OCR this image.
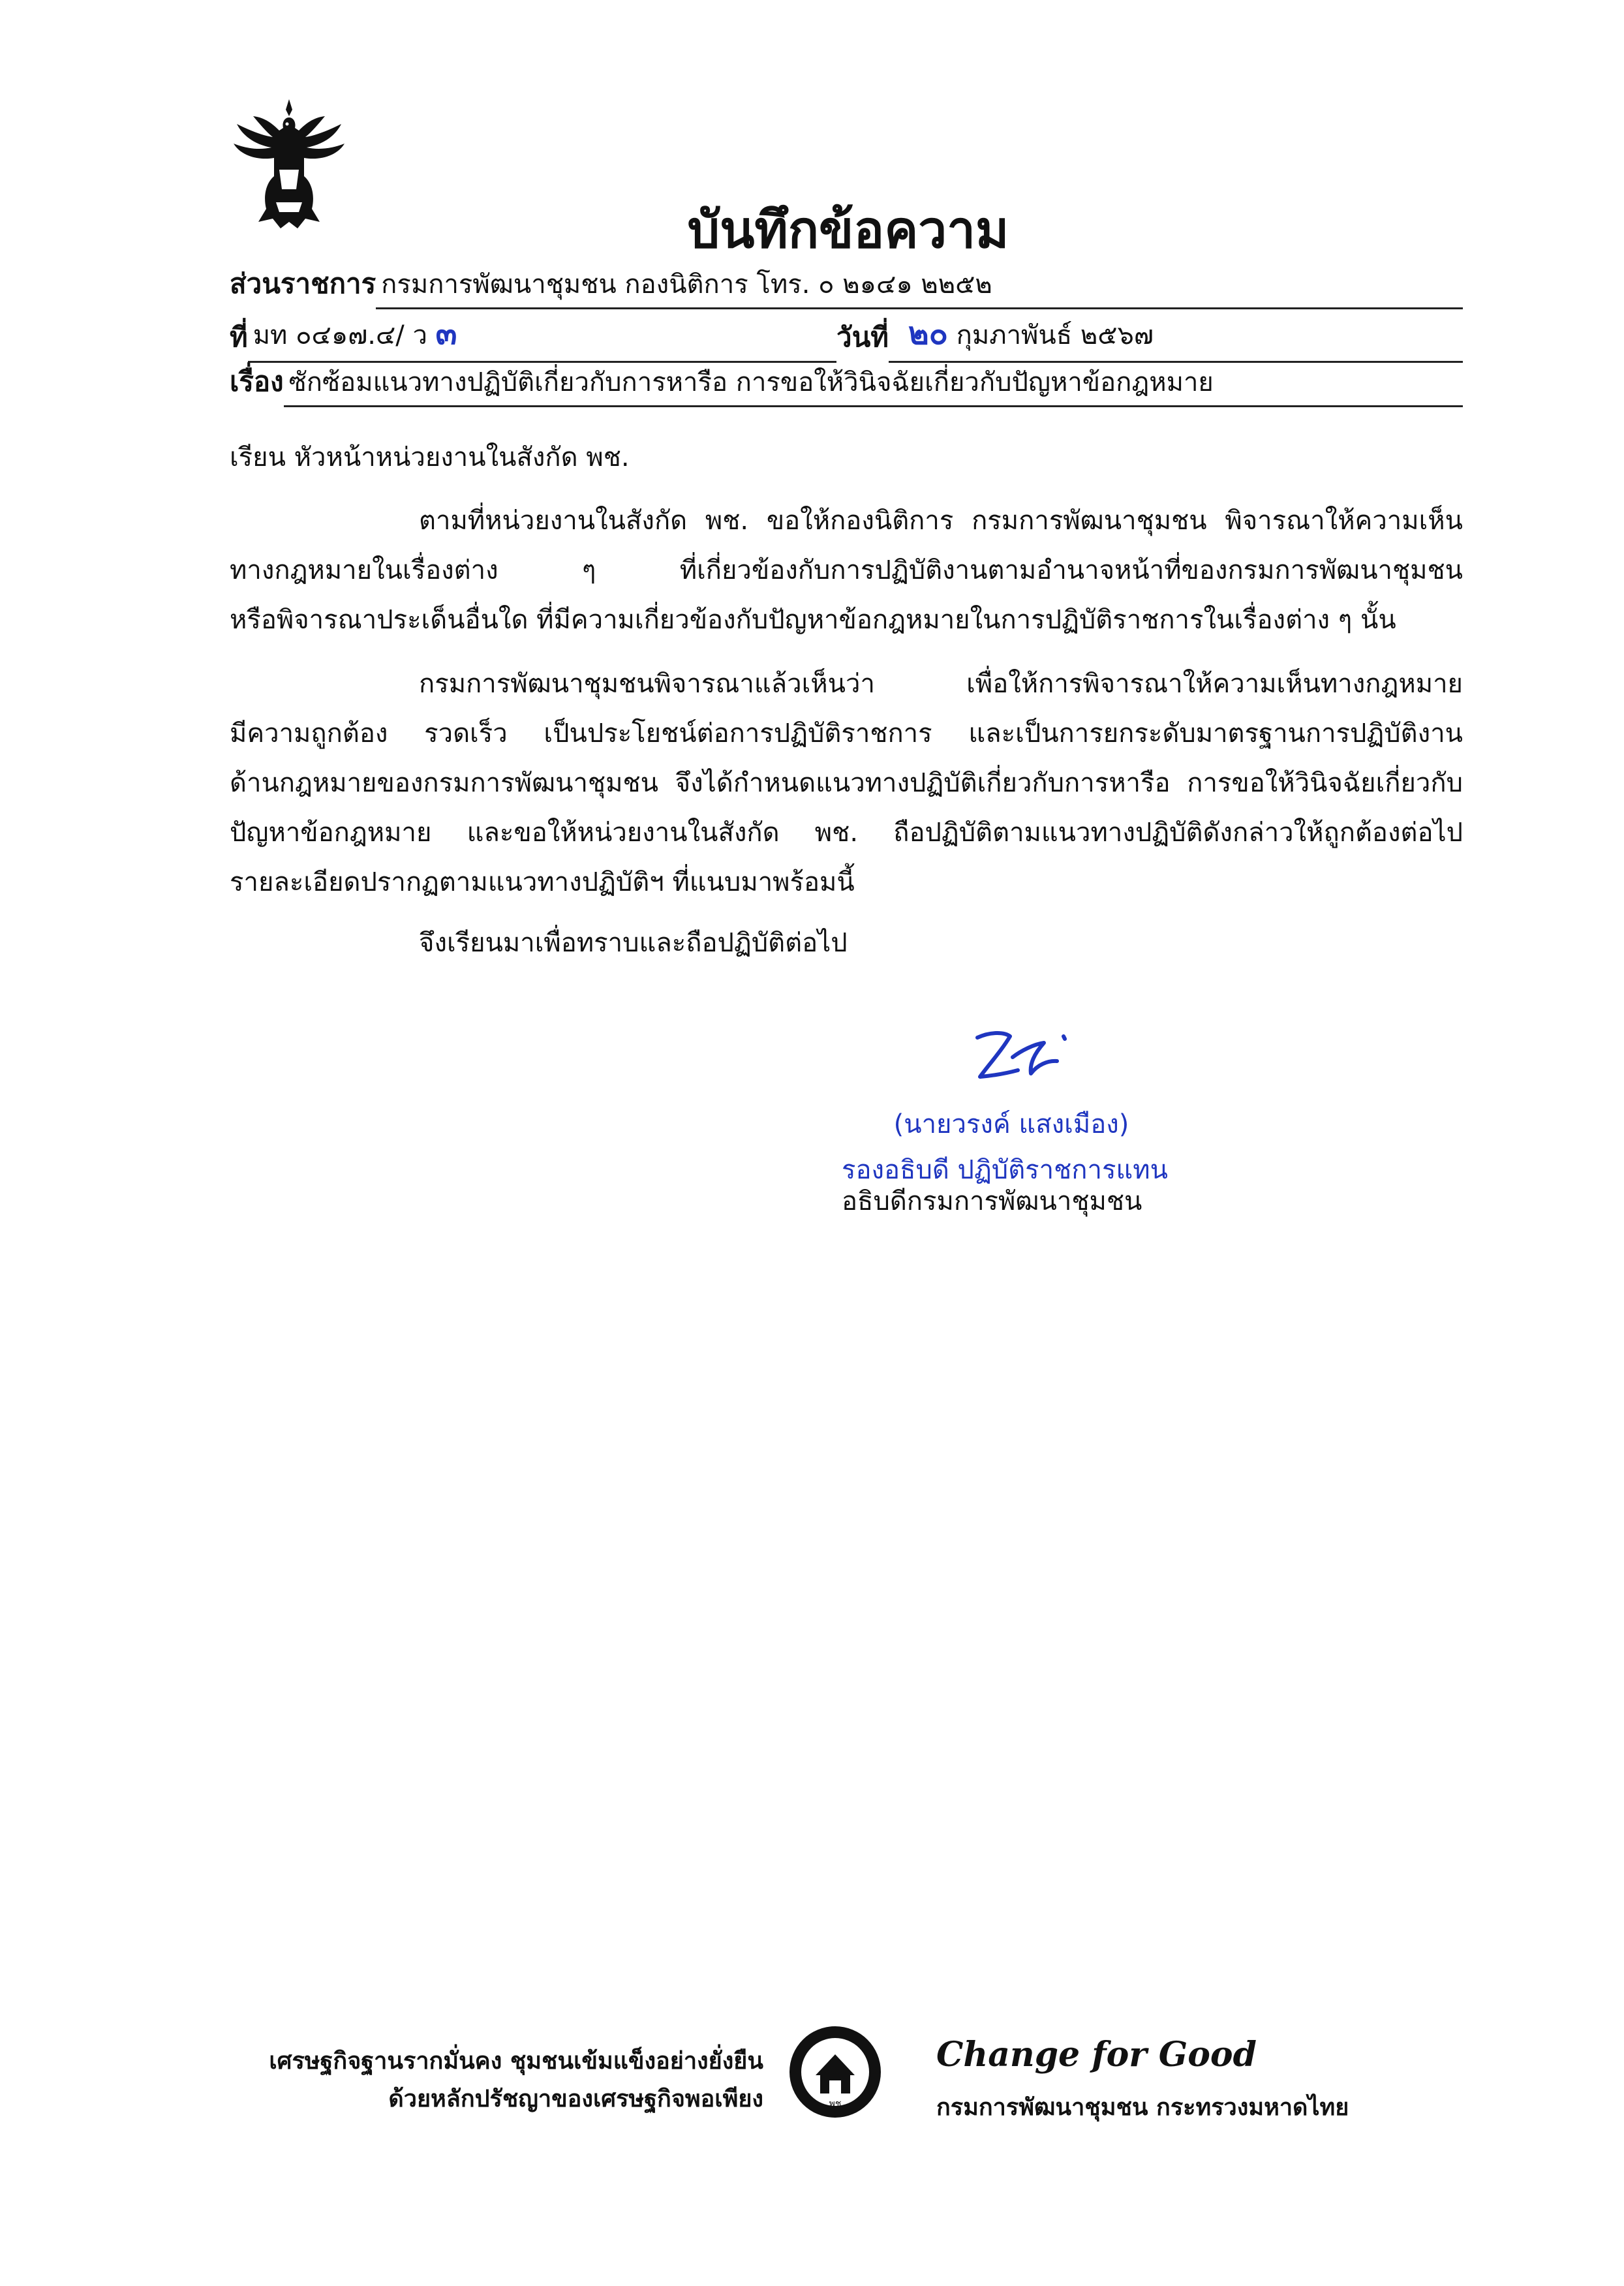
บันทึกข้อความ
ส่วนราชการ กรมการพัฒนาชุมชน กองนิติการ โทร. ๐ ๒๑๔๑ ๒๒๕๒
ที่ มท ๐๔๑๗.๔/ ว ๓	วันที่ ๒๐ กุมภาพันธ์ ๒๕๖๗
เรื่อง ซักซ้อมแนวทางปฏิบัติเกี่ยวกับการหารือ การขอให้วินิจฉัยเกี่ยวกับปัญหาข้อกฎหมาย
เรียน หัวหน้าหน่วยงานในสังกัด พช.
ตามที่หน่วยงานในสังกัด พช. ขอให้กองนิติการ กรมการพัฒนาชุมชน พิจารณาให้ความเห็น
ทางกฎหมายในเรื่องต่าง ๆ ที่เกี่ยวข้องกับการปฏิบัติงานตามอำนาจหน้าที่ของกรมการพัฒนาชุมชน
หรือพิจารณาประเด็นอื่นใด ที่มีความเกี่ยวข้องกับปัญหาข้อกฎหมายในการปฏิบัติราชการในเรื่องต่าง ๆ นั้น
กรมการพัฒนาชุมชนพิจารณาแล้วเห็นว่า เพื่อให้การพิจารณาให้ความเห็นทางกฎหมาย
มีความถูกต้อง รวดเร็ว เป็นประโยชน์ต่อการปฏิบัติราชการ และเป็นการยกระดับมาตรฐานการปฏิบัติงาน
ด้านกฎหมายของกรมการพัฒนาชุมชน จึงได้กำหนดแนวทางปฏิบัติเกี่ยวกับการหารือ การขอให้วินิจฉัยเกี่ยวกับ
ปัญหาข้อกฎหมาย และขอให้หน่วยงานในสังกัด พช. ถือปฏิบัติตามแนวทางปฏิบัติดังกล่าวให้ถูกต้องต่อไป
รายละเอียดปรากฏตามแนวทางปฏิบัติฯ ที่แนบมาพร้อมนี้
จึงเรียนมาเพื่อทราบและถือปฏิบัติต่อไป
(นายวรงค์ แสงเมือง)
รองอธิบดี ปฏิบัติราชการแทน
อธิบดีกรมการพัฒนาชุมชน
เศรษฐกิจฐานรากมั่นคง ชุมชนเข้มแข็งอย่างยั่งยืน
ด้วยหลักปรัชญาของเศรษฐกิจพอเพียง	พช
Change for Good
กรมการพัฒนาชุมชน กระทรวงมหาดไทย
